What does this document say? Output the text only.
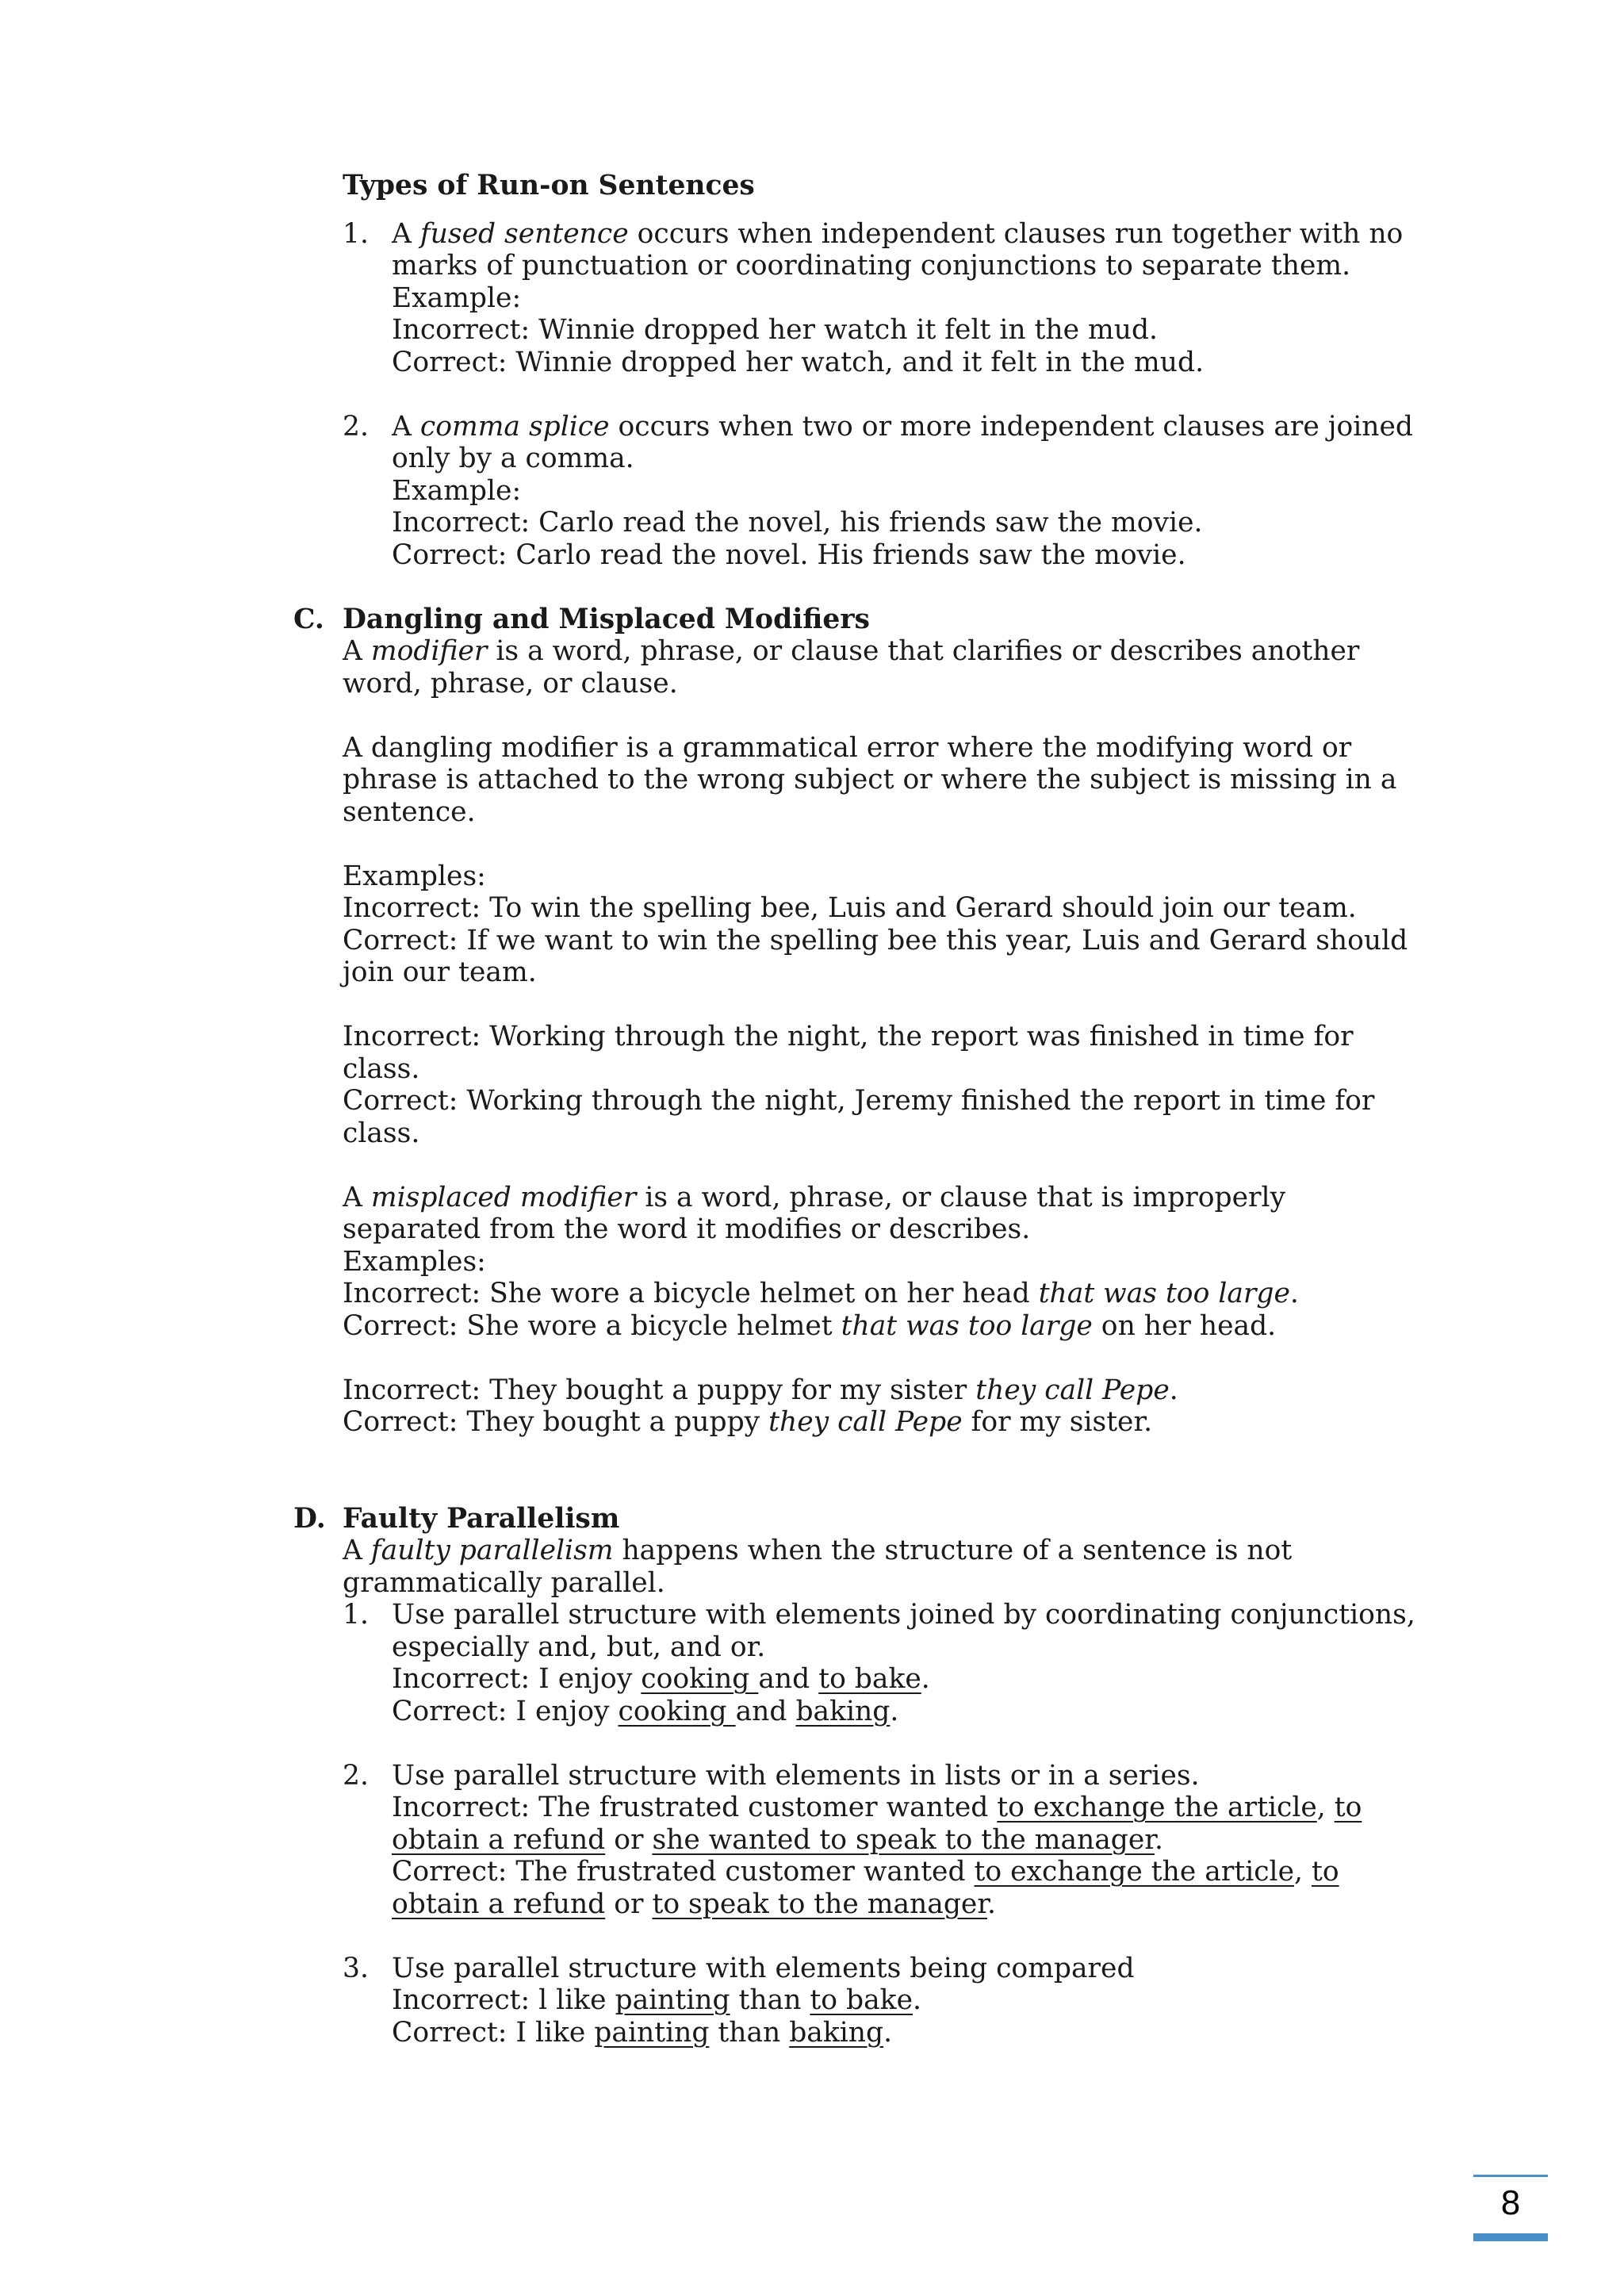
Types of Run-on Sentences

1. A fused sentence occurs when independent clauses run together with no marks of punctuation or coordinating conjunctions to separate them.

Example:

Incorrect: Winnie dropped her watch it felt in the mud.

Correct: Winnie dropped her watch, and it felt in the mud.

2. A comma splice occurs when two or more independent clauses are joined only by a comma.

Example:

Incorrect: Carlo read the novel, his friends saw the movie.

Correct: Carlo read the novel. His friends saw the movie.

C. Dangling and Misplaced Modifiers

A modifier is a word, phrase, or clause that clarifies or describes another word, phrase, or clause.

A dangling modifier is a grammatical error where the modifying word or phrase is attached to the wrong subject or where the subject is missing in a sentence.

Examples:

Incorrect: To win the spelling bee, Luis and Gerard should join our team.

Correct: If we want to win the spelling bee this year, Luis and Gerard should join our team.

Incorrect: Working through the night, the report was finished in time for class.

Correct: Working through the night, Jeremy finished the report in time for class.

A misplaced modifier is a word, phrase, or clause that is improperly separated from the word it modifies or describes.

Examples:

Incorrect: She wore a bicycle helmet on her head that was too large.

Correct: She wore a bicycle helmet that was too large on her head.

Incorrect: They bought a puppy for my sister they call Pepe.

Correct: They bought a puppy they call Pepe for my sister.

D. Faulty Parallelism

A faulty parallelism happens when the structure of a sentence is not grammatically parallel.

1. Use parallel structure with elements joined by coordinating conjunctions, especially and, but, and or.

Incorrect: I enjoy cooking and to bake.

Correct: I enjoy cooking and baking.

2. Use parallel structure with elements in lists or in a series.

Incorrect: The frustrated customer wanted to exchange the article, to obtain a refund or she wanted to speak to the manager.

Correct: The frustrated customer wanted to exchange the article, to obtain a refund or to speak to the manager.

3. Use parallel structure with elements being compared

Incorrect: l like painting than to bake.

Correct: I like painting than baking.

8
